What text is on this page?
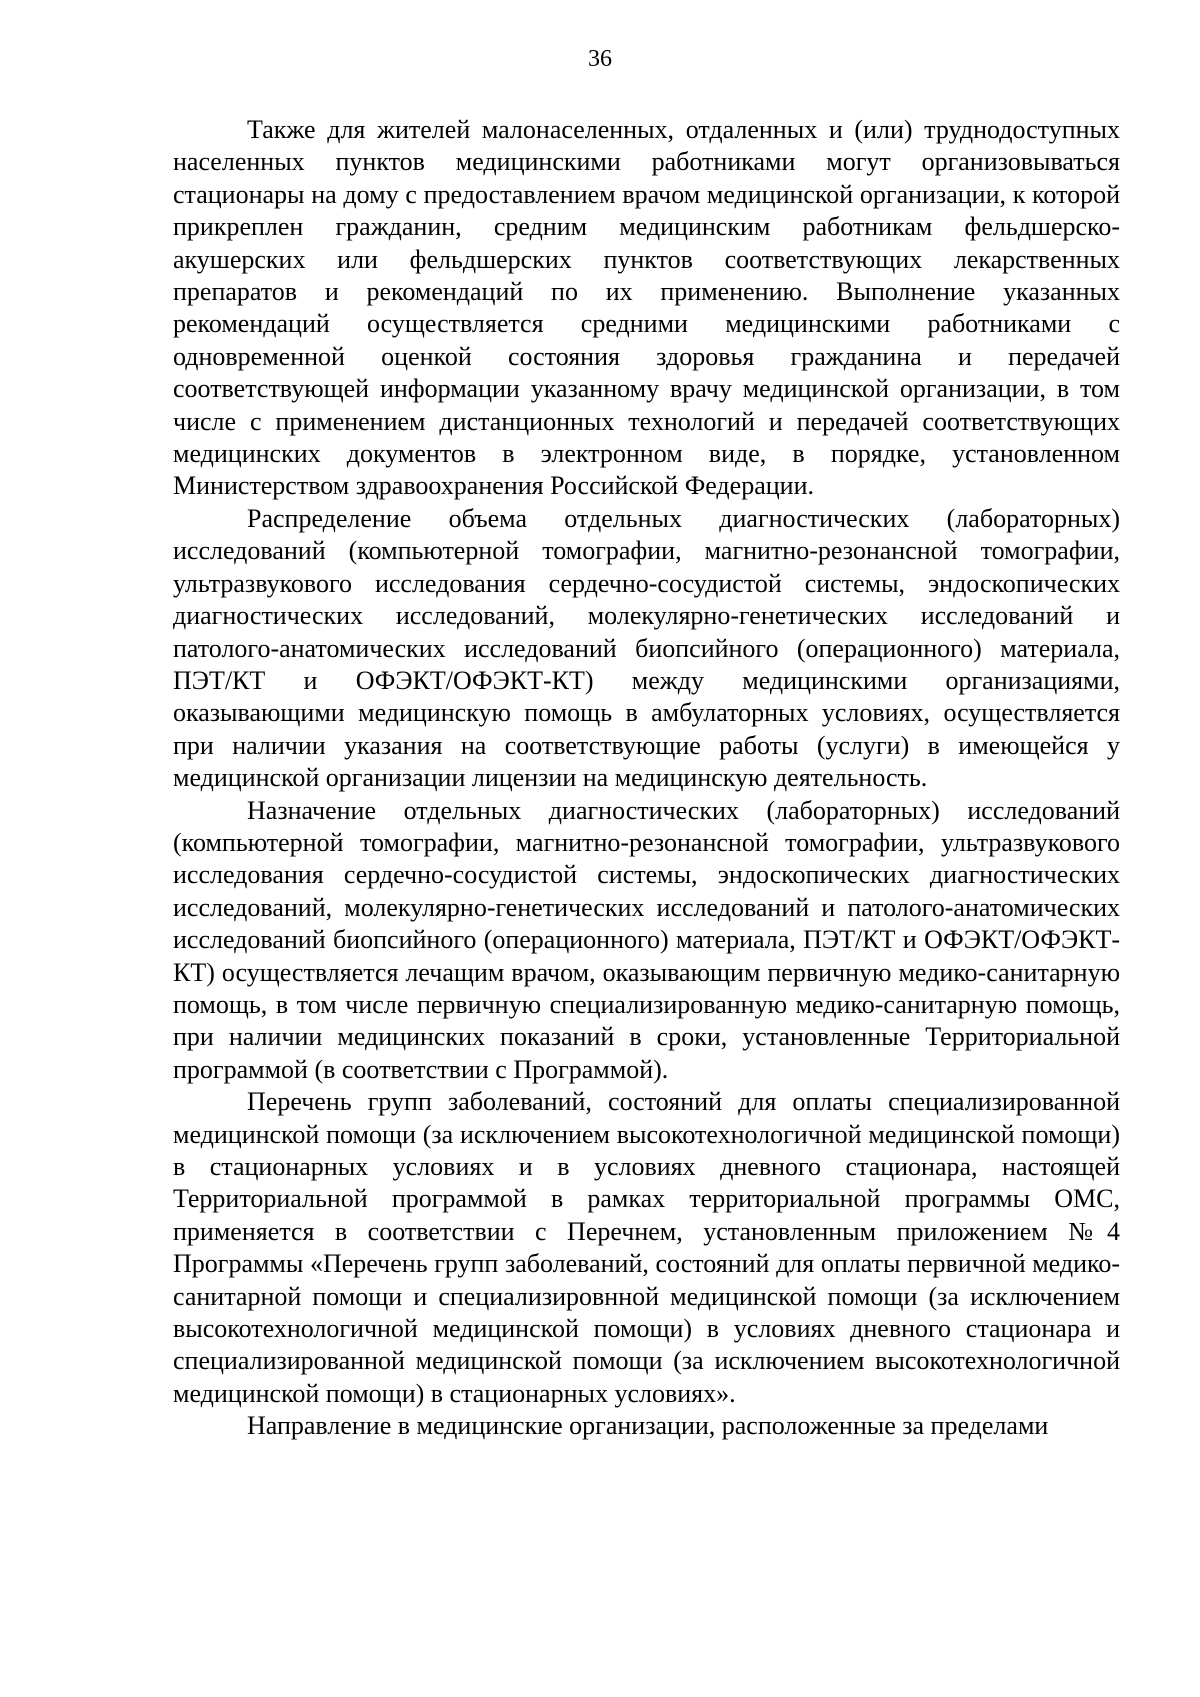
36

Также для жителей малонаселенных, отдаленных и (или) труднодоступных населенных пунктов медицинскими работниками могут организовываться стационары на дому с предоставлением врачом медицинской организации, к которой прикреплен гражданин, средним медицинским работникам фельдшерско-акушерских или фельдшерских пунктов соответствующих лекарственных препаратов и рекомендаций по их применению. Выполнение указанных рекомендаций осуществляется средними медицинскими работниками с одновременной оценкой состояния здоровья гражданина и передачей соответствующей информации указанному врачу медицинской организации, в том числе с применением дистанционных технологий и передачей соответствующих медицинских документов в электронном виде, в порядке, установленном Министерством здравоохранения Российской Федерации.

Распределение объема отдельных диагностических (лабораторных) исследований (компьютерной томографии, магнитно-резонансной томографии, ультразвукового исследования сердечно-сосудистой системы, эндоскопических диагностических исследований, молекулярно-генетических исследований и патолого-анатомических исследований биопсийного (операционного) материала, ПЭТ/КТ и ОФЭКТ/ОФЭКТ-КТ) между медицинскими организациями, оказывающими медицинскую помощь в амбулаторных условиях, осуществляется при наличии указания на соответствующие работы (услуги) в имеющейся у медицинской организации лицензии на медицинскую деятельность.

Назначение отдельных диагностических (лабораторных) исследований (компьютерной томографии, магнитно-резонансной томографии, ультразвукового исследования сердечно-сосудистой системы, эндоскопических диагностических исследований, молекулярно-генетических исследований и патолого-анатомических исследований биопсийного (операционного) материала, ПЭТ/КТ и ОФЭКТ/ОФЭКТ-КТ) осуществляется лечащим врачом, оказывающим первичную медико-санитарную помощь, в том числе первичную специализированную медико-санитарную помощь, при наличии медицинских показаний в сроки, установленные Территориальной программой (в соответствии с Программой).

Перечень групп заболеваний, состояний для оплаты специализированной медицинской помощи (за исключением высокотехнологичной медицинской помощи) в стационарных условиях и в условиях дневного стационара, настоящей Территориальной программой в рамках территориальной программы ОМС, применяется в соответствии с Перечнем, установленным приложением №4 Программы «Перечень групп заболеваний, состояний для оплаты первичной медико-санитарной помощи и специализировнной медицинской помощи (за исключением высокотехнологичной медицинской помощи) в условиях дневного стационара и специализированной медицинской помощи (за исключением высокотехнологичной медицинской помощи) в стационарных условиях».

Направление в медицинские организации, расположенные за пределами
